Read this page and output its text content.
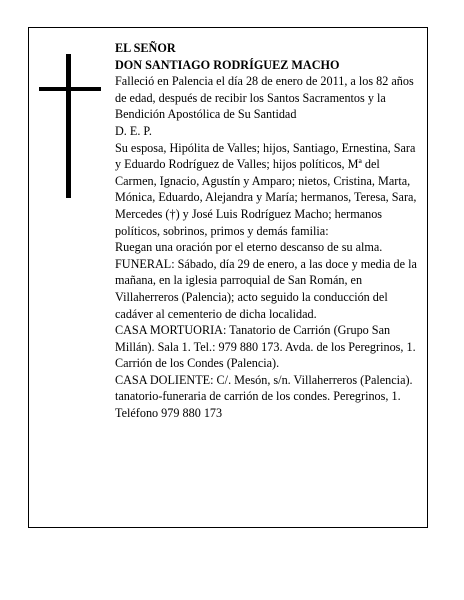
EL SEÑOR

DON SANTIAGO RODRÍGUEZ MACHO

Falleció en Palencia el día 28 de enero de 2011, a los 82 años de edad, después de recibir los Santos Sacramentos y la Bendición Apostólica de Su Santidad

D. E. P.

Su esposa, Hipólita de Valles; hijos, Santiago, Ernestina, Sara y Eduardo Rodríguez de Valles; hijos políticos, Mª del Carmen, Ignacio, Agustín y Amparo; nietos, Cristina, Marta, Mónica, Eduardo, Alejandra y María; hermanos, Teresa, Sara, Mercedes (†) y José Luis Rodríguez Macho; hermanos políticos, sobrinos, primos y demás familia:

Ruegan una oración por el eterno descanso de su alma.

FUNERAL: Sábado, día 29 de enero, a las doce y media de la mañana, en la iglesia parroquial de San Román, en Villaherreros (Palencia); acto seguido la conducción del cadáver al cementerio de dicha localidad.

CASA MORTUORIA: Tanatorio de Carrión (Grupo San Millán). Sala 1. Tel.: 979 880 173. Avda. de los Peregrinos, 1. Carrión de los Condes (Palencia).

CASA DOLIENTE: C/. Mesón, s/n. Villaherreros (Palencia).

tanatorio-funeraria de carrión de los condes. Peregrinos, 1. Teléfono 979 880 173
